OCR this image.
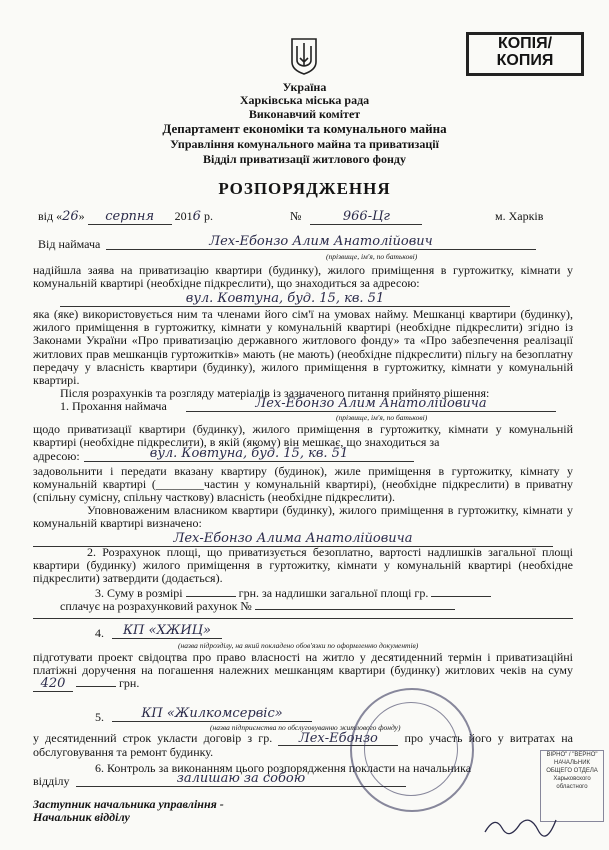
КОПІЯ/
КОПИЯ
Україна
Харківська міська рада
Виконавчий комітет
Департамент економіки та комунального майна
Управління комунального майна та приватизації
Відділ приватизації житлового фонду
РОЗПОРЯДЖЕННЯ
від «26» серпня 2016 р.	№	966-Цг	м. Харків
Від наймача	Лех-Ебонзо Алим Анатолійович
(прізвище, ім'я, по батькові)
надійшла заява на приватизацію квартири (будинку), жилого приміщення в гуртожитку, кімнати у комунальній квартирі (необхідне підкреслити), що знаходиться за адресою:
вул. Ковтуна, буд. 15, кв. 51
яка (яке) використовується ним та членами його сім'ї на умовах найму. Мешканці квартири (будинку), жилого приміщення в гуртожитку, кімнати у комунальній квартирі (необхідне підкреслити) згідно із Законами України «Про приватизацію державного житлового фонду» та «Про забезпечення реалізації житлових прав мешканців гуртожитків» мають (не мають) (необхідне підкреслити) пільгу на безоплатну передачу у власність квартири (будинку), жилого приміщення в гуртожитку, кімнати у комунальній квартирі.
Після розрахунків та розгляду матеріалів із зазначеного питання прийнято рішення:
1. Прохання наймача	Лех-Ебонзо Алим Анатолійовича
(прізвище, ім'я, по батькові)
щодо приватизації квартири (будинку), жилого приміщення в гуртожитку, кімнати у комунальній квартирі (необхідне підкреслити), в якій (якому) він мешкає, що знаходиться за
адресою:	вул. Ковтуна, буд. 15, кв. 51
задовольнити і передати вказану квартиру (будинок), жиле приміщення в гуртожитку, кімнату у комунальній квартирі (________частин у комунальній квартирі), (необхідне підкреслити) в приватну (спільну сумісну, спільну часткову) власність (необхідне підкреслити).
Уповноваженим власником квартири (будинку), жилого приміщення в гуртожитку, кімнати у комунальній квартирі визначено:
Лех-Ебонзо Алима Анатолійовича
2. Розрахунок площі, що приватизується безоплатно, вартості надлишків загальної площі квартири (будинку) жилого приміщення в гуртожитку, кімнати у комунальній квартирі (необхідне підкреслити) затвердити (додається).
3. Суму в розмірі	грн. за надлишки загальної площі гр.
сплачує на розрахунковий рахунок №
4.	КП «ХЖИЦ»
(назва підрозділу, на який покладено обов'язки по оформленню документів)
підготувати проект свідоцтва про право власності на житло у десятиденний термін і приватизаційні платіжні доручення на погашення належних мешканцям квартири (будинку) житлових чеків на суму 420	грн.
5.	КП «Жилкомсервіс»
(назва підприємства по обслуговуванню житлового фонду)
у десятиденний строк укласти договір з гр. Лех-Ебонзо про участь його у витратах на обслуговування та ремонт будинку.
6. Контроль за виконанням цього розпорядження покласти на начальника
відділу	залишаю за собою
Заступник начальника управління -
Начальник відділу
ВІРНО" / "ВЕРНО"
НАЧАЛЬНИК ОБЩЕГО ОТДЕЛА
Харьковского областного
